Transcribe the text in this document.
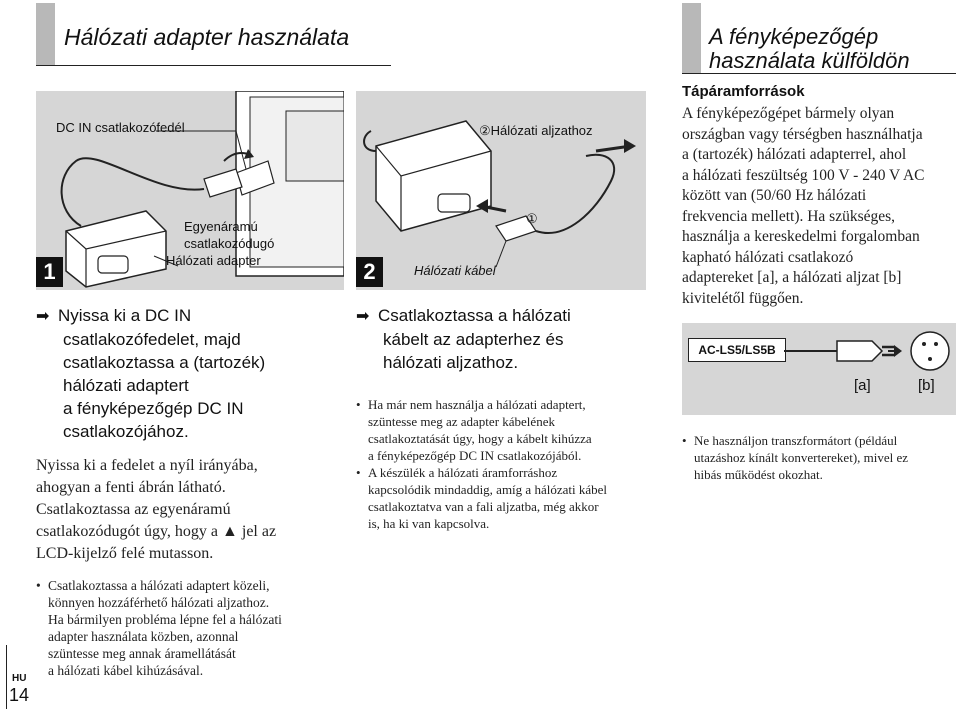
Hálózati adapter használata
DC IN csatlakozófedél
Egyenáramú
csatlakozódugó
Hálózati adapter
1
➡ Nyissa ki a DC IN
csatlakozófedelet, majd
csatlakoztassa a (tartozék)
hálózati adaptert
a fényképezőgép DC IN
csatlakozójához.
Nyissa ki a fedelet a nyíl irányába,
ahogyan a fenti ábrán látható.
Csatlakoztassa az egyenáramú
csatlakozódugót úgy, hogy a ▲ jel az
LCD-kijelző felé mutasson.
②Hálózati aljzathoz
①
Hálózati kábel
2
➡ Csatlakoztassa a hálózati
kábelt az adapterhez és
hálózati aljzathoz.
• Ha már nem használja a hálózati adaptert,
szüntesse meg az adapter kábelének
csatlakoztatását úgy, hogy a kábelt kihúzza
a fényképezőgép DC IN csatlakozójából.
• A készülék a hálózati áramforráshoz
kapcsolódik mindaddig, amíg a hálózati kábel
csatlakoztatva van a fali aljzatba, még akkor
is, ha ki van kapcsolva.
• Csatlakoztassa a hálózati adaptert közeli,
könnyen hozzáférhető hálózati aljzathoz.
Ha bármilyen probléma lépne fel a hálózati
adapter használata közben, azonnal
szüntesse meg annak áramellátását
a hálózati kábel kihúzásával.
HU
14
A fényképezőgép
használata külföldön
Tápáramforrások
A fényképezőgépet bármely olyan
országban vagy térségben használhatja
a (tartozék) hálózati adapterrel, ahol
a hálózati feszültség 100 V - 240 V AC
között van (50/60 Hz hálózati
frekvencia mellett). Ha szükséges,
használja a kereskedelmi forgalomban
kapható hálózati csatlakozó
adaptereket [a], a hálózati aljzat [b]
kivitelétől függően.
AC-LS5/LS5B
[a]	[b]
• Ne használjon transzformátort (például
utazáshoz kínált konvertereket), mivel ez
hibás működést okozhat.
